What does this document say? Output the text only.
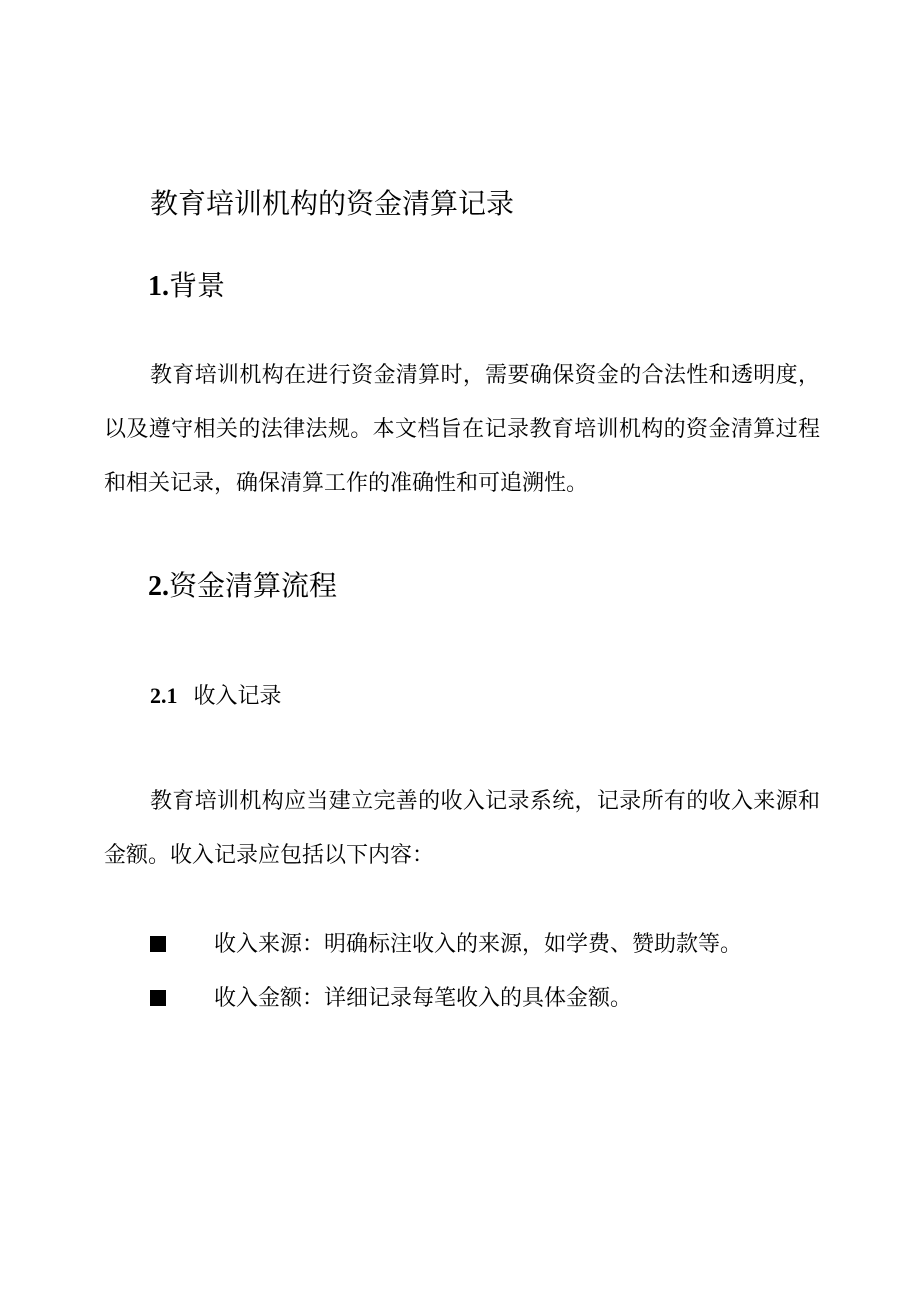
教育培训机构的资金清算记录
1.背景

教育培训机构在进行资金清算时，需要确保资金的合法性和透明度，以及遵守相关的法律法规。本文档旨在记录教育培训机构的资金清算过程和相关记录，确保清算工作的准确性和可追溯性。

2.资金清算流程
2.1 收入记录

教育培训机构应当建立完善的收入记录系统，记录所有的收入来源和金额。收入记录应包括以下内容：

收入来源：明确标注收入的来源，如学费、赞助款等。
收入金额：详细记录每笔收入的具体金额。
